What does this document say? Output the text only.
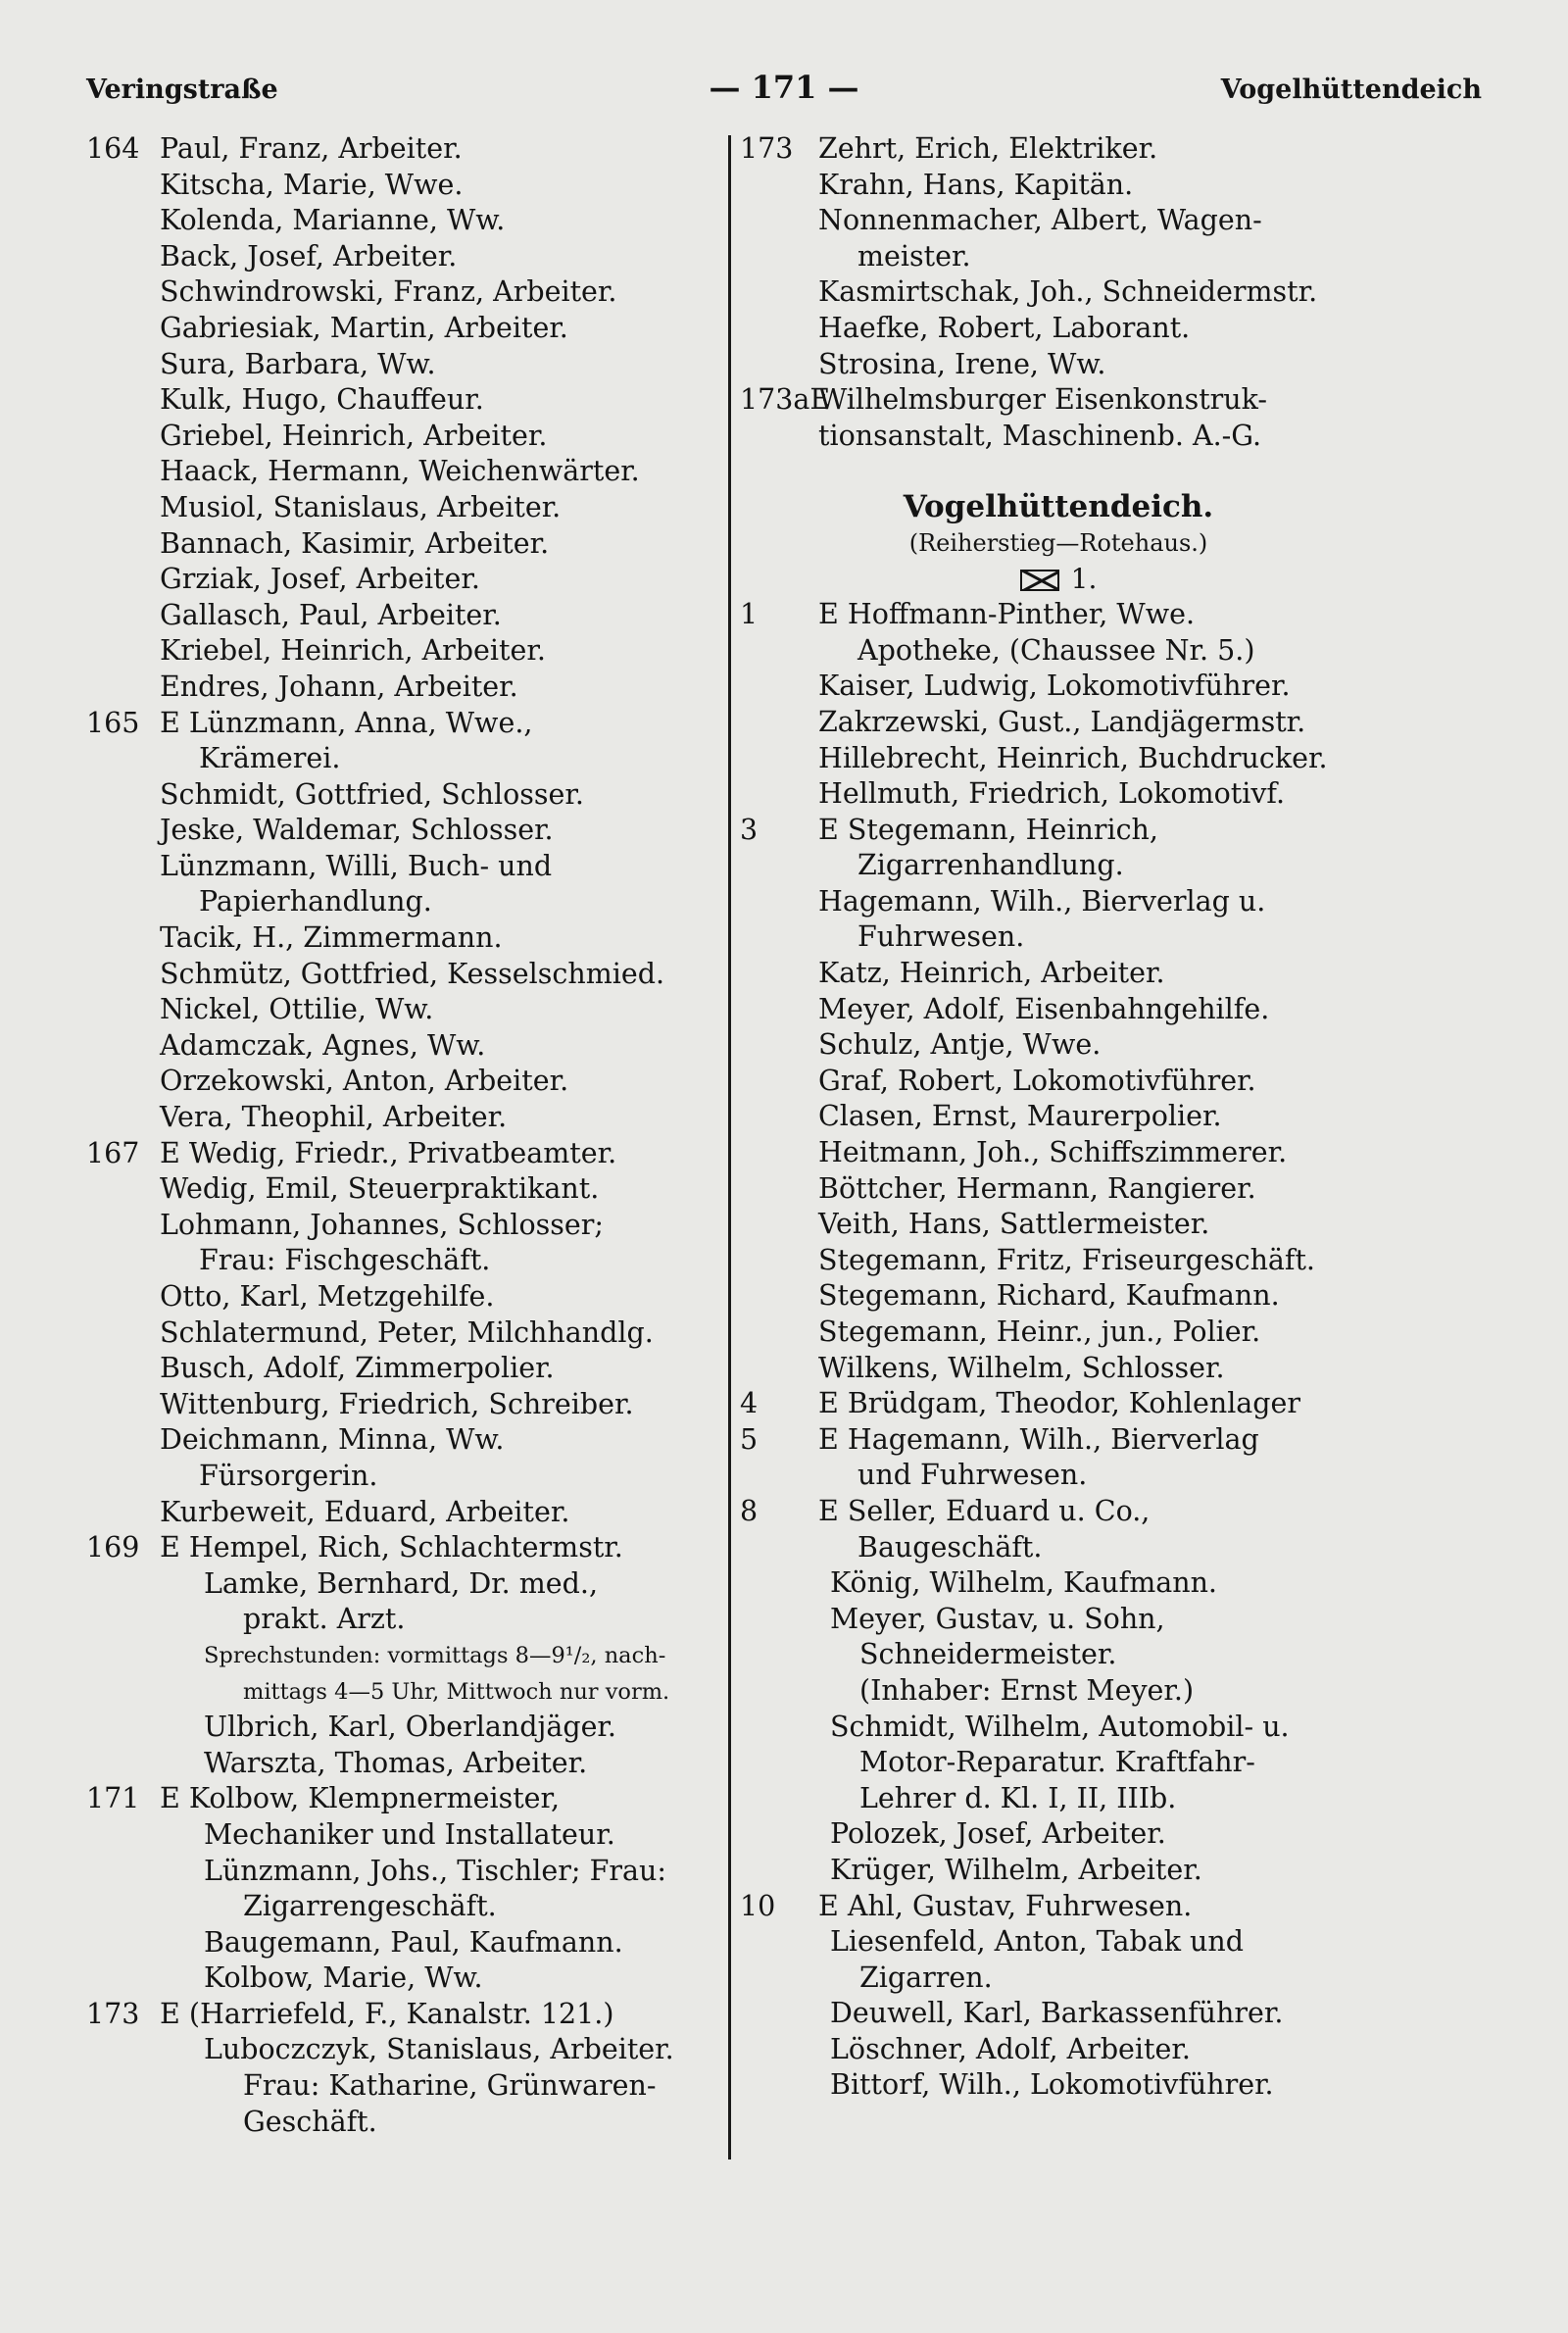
Veringstraße	— 171 —	Vogelhüttendeich
164 Paul, Franz, Arbeiter.
Kitscha, Marie, Wwe.
Kolenda, Marianne, Ww.
Back, Josef, Arbeiter.
Schwindrowski, Franz, Arbeiter.
Gabriesiak, Martin, Arbeiter.
Sura, Barbara, Ww.
Kulk, Hugo, Chauffeur.
Griebel, Heinrich, Arbeiter.
Haack, Hermann, Weichenwärter.
Musiol, Stanislaus, Arbeiter.
Bannach, Kasimir, Arbeiter.
Grziak, Josef, Arbeiter.
Gallasch, Paul, Arbeiter.
Kriebel, Heinrich, Arbeiter.
Endres, Johann, Arbeiter.
165 E Lünzmann, Anna, Wwe.,
Krämerei.
Schmidt, Gottfried, Schlosser.
Jeske, Waldemar, Schlosser.
Lünzmann, Willi, Buch- und
Papierhandlung.
Tacik, H., Zimmermann.
Schmütz, Gottfried, Kesselschmied.
Nickel, Ottilie, Ww.
Adamczak, Agnes, Ww.
Orzekowski, Anton, Arbeiter.
Vera, Theophil, Arbeiter.
167 E Wedig, Friedr., Privatbeamter.
Wedig, Emil, Steuerpraktikant.
Lohmann, Johannes, Schlosser;
Frau: Fischgeschäft.
Otto, Karl, Metzgehilfe.
Schlatermund, Peter, Milchhandlg.
Busch, Adolf, Zimmerpolier.
Wittenburg, Friedrich, Schreiber.
Deichmann, Minna, Ww.
Fürsorgerin.
Kurbeweit, Eduard, Arbeiter.
169 E Hempel, Rich, Schlachtermstr.
Lamke, Bernhard, Dr. med.,
prakt. Arzt.
Sprechstunden: vormittags 8—9¹/₂, nach-
mittags 4—5 Uhr, Mittwoch nur vorm.
Ulbrich, Karl, Oberlandjäger.
Warszta, Thomas, Arbeiter.
171 E Kolbow, Klempnermeister,
Mechaniker und Installateur.
Lünzmann, Johs., Tischler; Frau:
Zigarrengeschäft.
Baugemann, Paul, Kaufmann.
Kolbow, Marie, Ww.
173 E (Harriefeld, F., Kanalstr. 121.)
Luboczczyk, Stanislaus, Arbeiter.
Frau: Katharine, Grünwaren-
Geschäft.
173 Zehrt, Erich, Elektriker.
Krahn, Hans, Kapitän.
Nonnenmacher, Albert, Wagen-
meister.
Kasmirtschak, Joh., Schneidermstr.
Haefke, Robert, Laborant.
Strosina, Irene, Ww.
173aE
Wilhelmsburger Eisenkonstruk-
tionsanstalt, Maschinenb. A.-G.
Vogelhüttendeich.
(Reiherstieg—Rotehaus.)
1.
1 E Hoffmann-Pinther, Wwe.
Apotheke, (Chaussee Nr. 5.)
Kaiser, Ludwig, Lokomotivführer.
Zakrzewski, Gust., Landjägermstr.
Hillebrecht, Heinrich, Buchdrucker.
Hellmuth, Friedrich, Lokomotivf.
3 E Stegemann, Heinrich,
Zigarrenhandlung.
Hagemann, Wilh., Bierverlag u.
Fuhrwesen.
Katz, Heinrich, Arbeiter.
Meyer, Adolf, Eisenbahngehilfe.
Schulz, Antje, Wwe.
Graf, Robert, Lokomotivführer.
Clasen, Ernst, Maurerpolier.
Heitmann, Joh., Schiffszimmerer.
Böttcher, Hermann, Rangierer.
Veith, Hans, Sattlermeister.
Stegemann, Fritz, Friseurgeschäft.
Stegemann, Richard, Kaufmann.
Stegemann, Heinr., jun., Polier.
Wilkens, Wilhelm, Schlosser.
4 E Brüdgam, Theodor, Kohlenlager
5 E Hagemann, Wilh., Bierverlag
und Fuhrwesen.
8 E Seller, Eduard u. Co.,
Baugeschäft.
König, Wilhelm, Kaufmann.
Meyer, Gustav, u. Sohn,
Schneidermeister.
(Inhaber: Ernst Meyer.)
Schmidt, Wilhelm, Automobil- u.
Motor-Reparatur. Kraftfahr-
Lehrer d. Kl. I, II, IIIb.
Polozek, Josef, Arbeiter.
Krüger, Wilhelm, Arbeiter.
10 E Ahl, Gustav, Fuhrwesen.
Liesenfeld, Anton, Tabak und
Zigarren.
Deuwell, Karl, Barkassenführer.
Löschner, Adolf, Arbeiter.
Bittorf, Wilh., Lokomotivführer.
